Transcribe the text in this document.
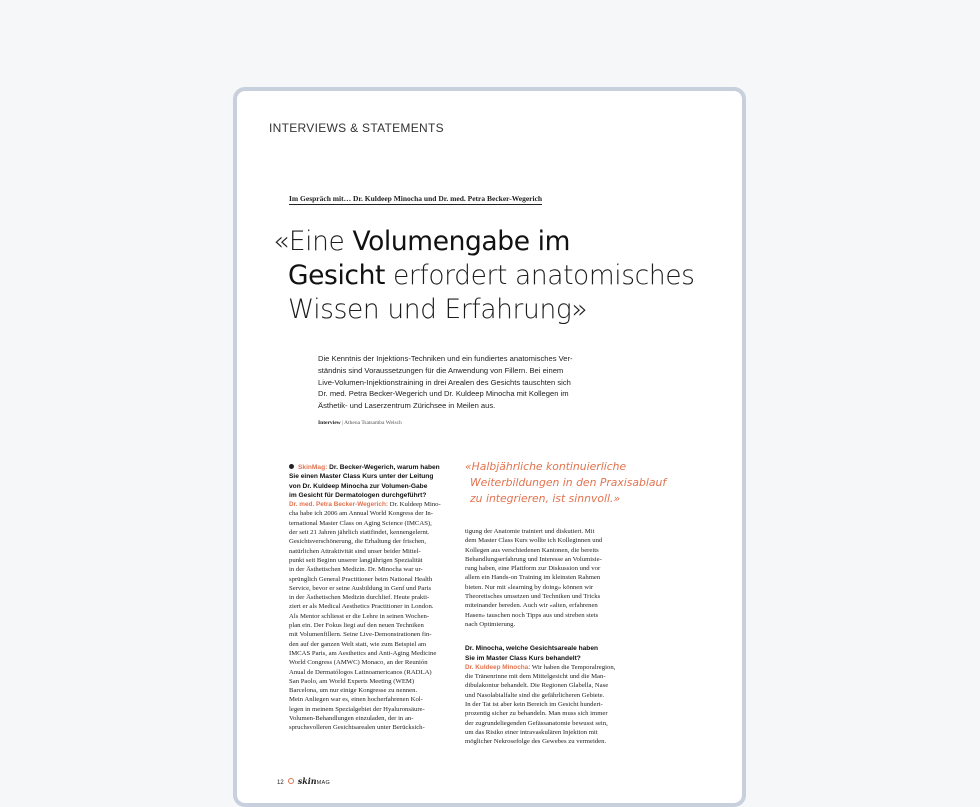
INTERVIEWS & STATEMENTS
Im Gespräch mit… Dr. Kuldeep Minocha und Dr. med. Petra Becker-Wegerich
«Eine Volumengabe im
Gesicht erfordert anatomisches
Wissen und Erfahrung»
Die Kenntnis der Injektions-Techniken und ein fundiertes anatomisches Ver-
ständnis sind Voraussetzungen für die Anwendung von Fillern. Bei einem
Live-Volumen-Injektionstraining in drei Arealen des Gesichts tauschten sich
Dr. med. Petra Becker-Wegerich und Dr. Kuldeep Minocha mit Kollegen im
Ästhetik- und Laserzentrum Zürichsee in Meilen aus.
Interview | Athena Tsatsamba Welsch
SkinMag: Dr. Becker-Wegerich, warum haben
Sie einen Master Class Kurs unter der Leitung
von Dr. Kuldeep Minocha zur Volumen-Gabe
im Gesicht für Dermatologen durchgeführt?
Dr. med. Petra Becker-Wegerich: Dr. Kuldeep Mino-
cha habe ich 2006 am Annual World Kongress der In-
ternational Master Class on Aging Science (IMCAS),
der seit 21 Jahren jährlich stattfindet, kennengelernt.
Gesichtsverschönerung, die Erhaltung der frischen,
natürlichen Attraktivität sind unser beider Mittel-
punkt seit Beginn unserer langjährigen Spezialität
in der Ästhetischen Medizin. Dr. Minocha war ur-
sprünglich General Practitioner beim National Health
Service, bevor er seine Ausbildung in Genf und Paris
in der Ästhetischen Medizin durchlief. Heute prakti-
ziert er als Medical Aesthetics Practitioner in London.
Als Mentor schliesst er die Lehre in seinen Wochen-
plan ein. Der Fokus liegt auf den neuen Techniken
mit Volumenfillern. Seine Live-Demonstrationen fin-
den auf der ganzen Welt statt, wie zum Beispiel am
IMCAS Paris, am Aesthetics and Anti-Aging Medicine
World Congress (AMWC) Monaco, an der Reunión
Anual de Dermatólogos Latinoamericanos (RADLA)
San Paolo, am World Experts Meeting (WEM)
Barcelona, um nur einige Kongresse zu nennen.
Mein Anliegen war es, einen hocherfahrenen Kol-
legen in meinem Spezialgebiet der Hyaluronsäure-
Volumen-Behandlungen einzuladen, der in an-
spruchsvolleren Gesichtsarealen unter Berücksich-
«Halbjährliche kontinuierliche
Weiterbildungen in den Praxisablauf
zu integrieren, ist sinnvoll.»
tigung der Anatomie trainiert und diskutiert. Mit
dem Master Class Kurs wollte ich Kolleginnen und
Kollegen aus verschiedenen Kantonen, die bereits
Behandlungserfahrung und Interesse an Volumisie-
rung haben, eine Plattform zur Diskussion und vor
allem ein Hands-on Training im kleinsten Rahmen
bieten. Nur mit «learning by doing» können wir
Theoretisches umsetzen und Techniken und Tricks
miteinander bereden. Auch wir «alten, erfahrenen
Hasen» tauschen noch Tipps aus und streben stets
nach Optimierung.
Dr. Minocha, welche Gesichtsareale haben
Sie im Master Class Kurs behandelt?
Dr. Kuldeep Minocha: Wir haben die Temporalregion,
die Tränenrinne mit dem Mittelgesicht und die Man-
dibulakontur behandelt. Die Regionen Glabella, Nase
und Nasolabialfalte sind die gefährlicheren Gebiete.
In der Tat ist aber kein Bereich im Gesicht hundert-
prozentig sicher zu behandeln. Man muss sich immer
der zugrundeliegenden Gefässanatomie bewusst sein,
um das Risiko einer intravaskulären Injektion mit
möglicher Nekrosefolge des Gewebes zu vermeiden.
12 skinMAG
